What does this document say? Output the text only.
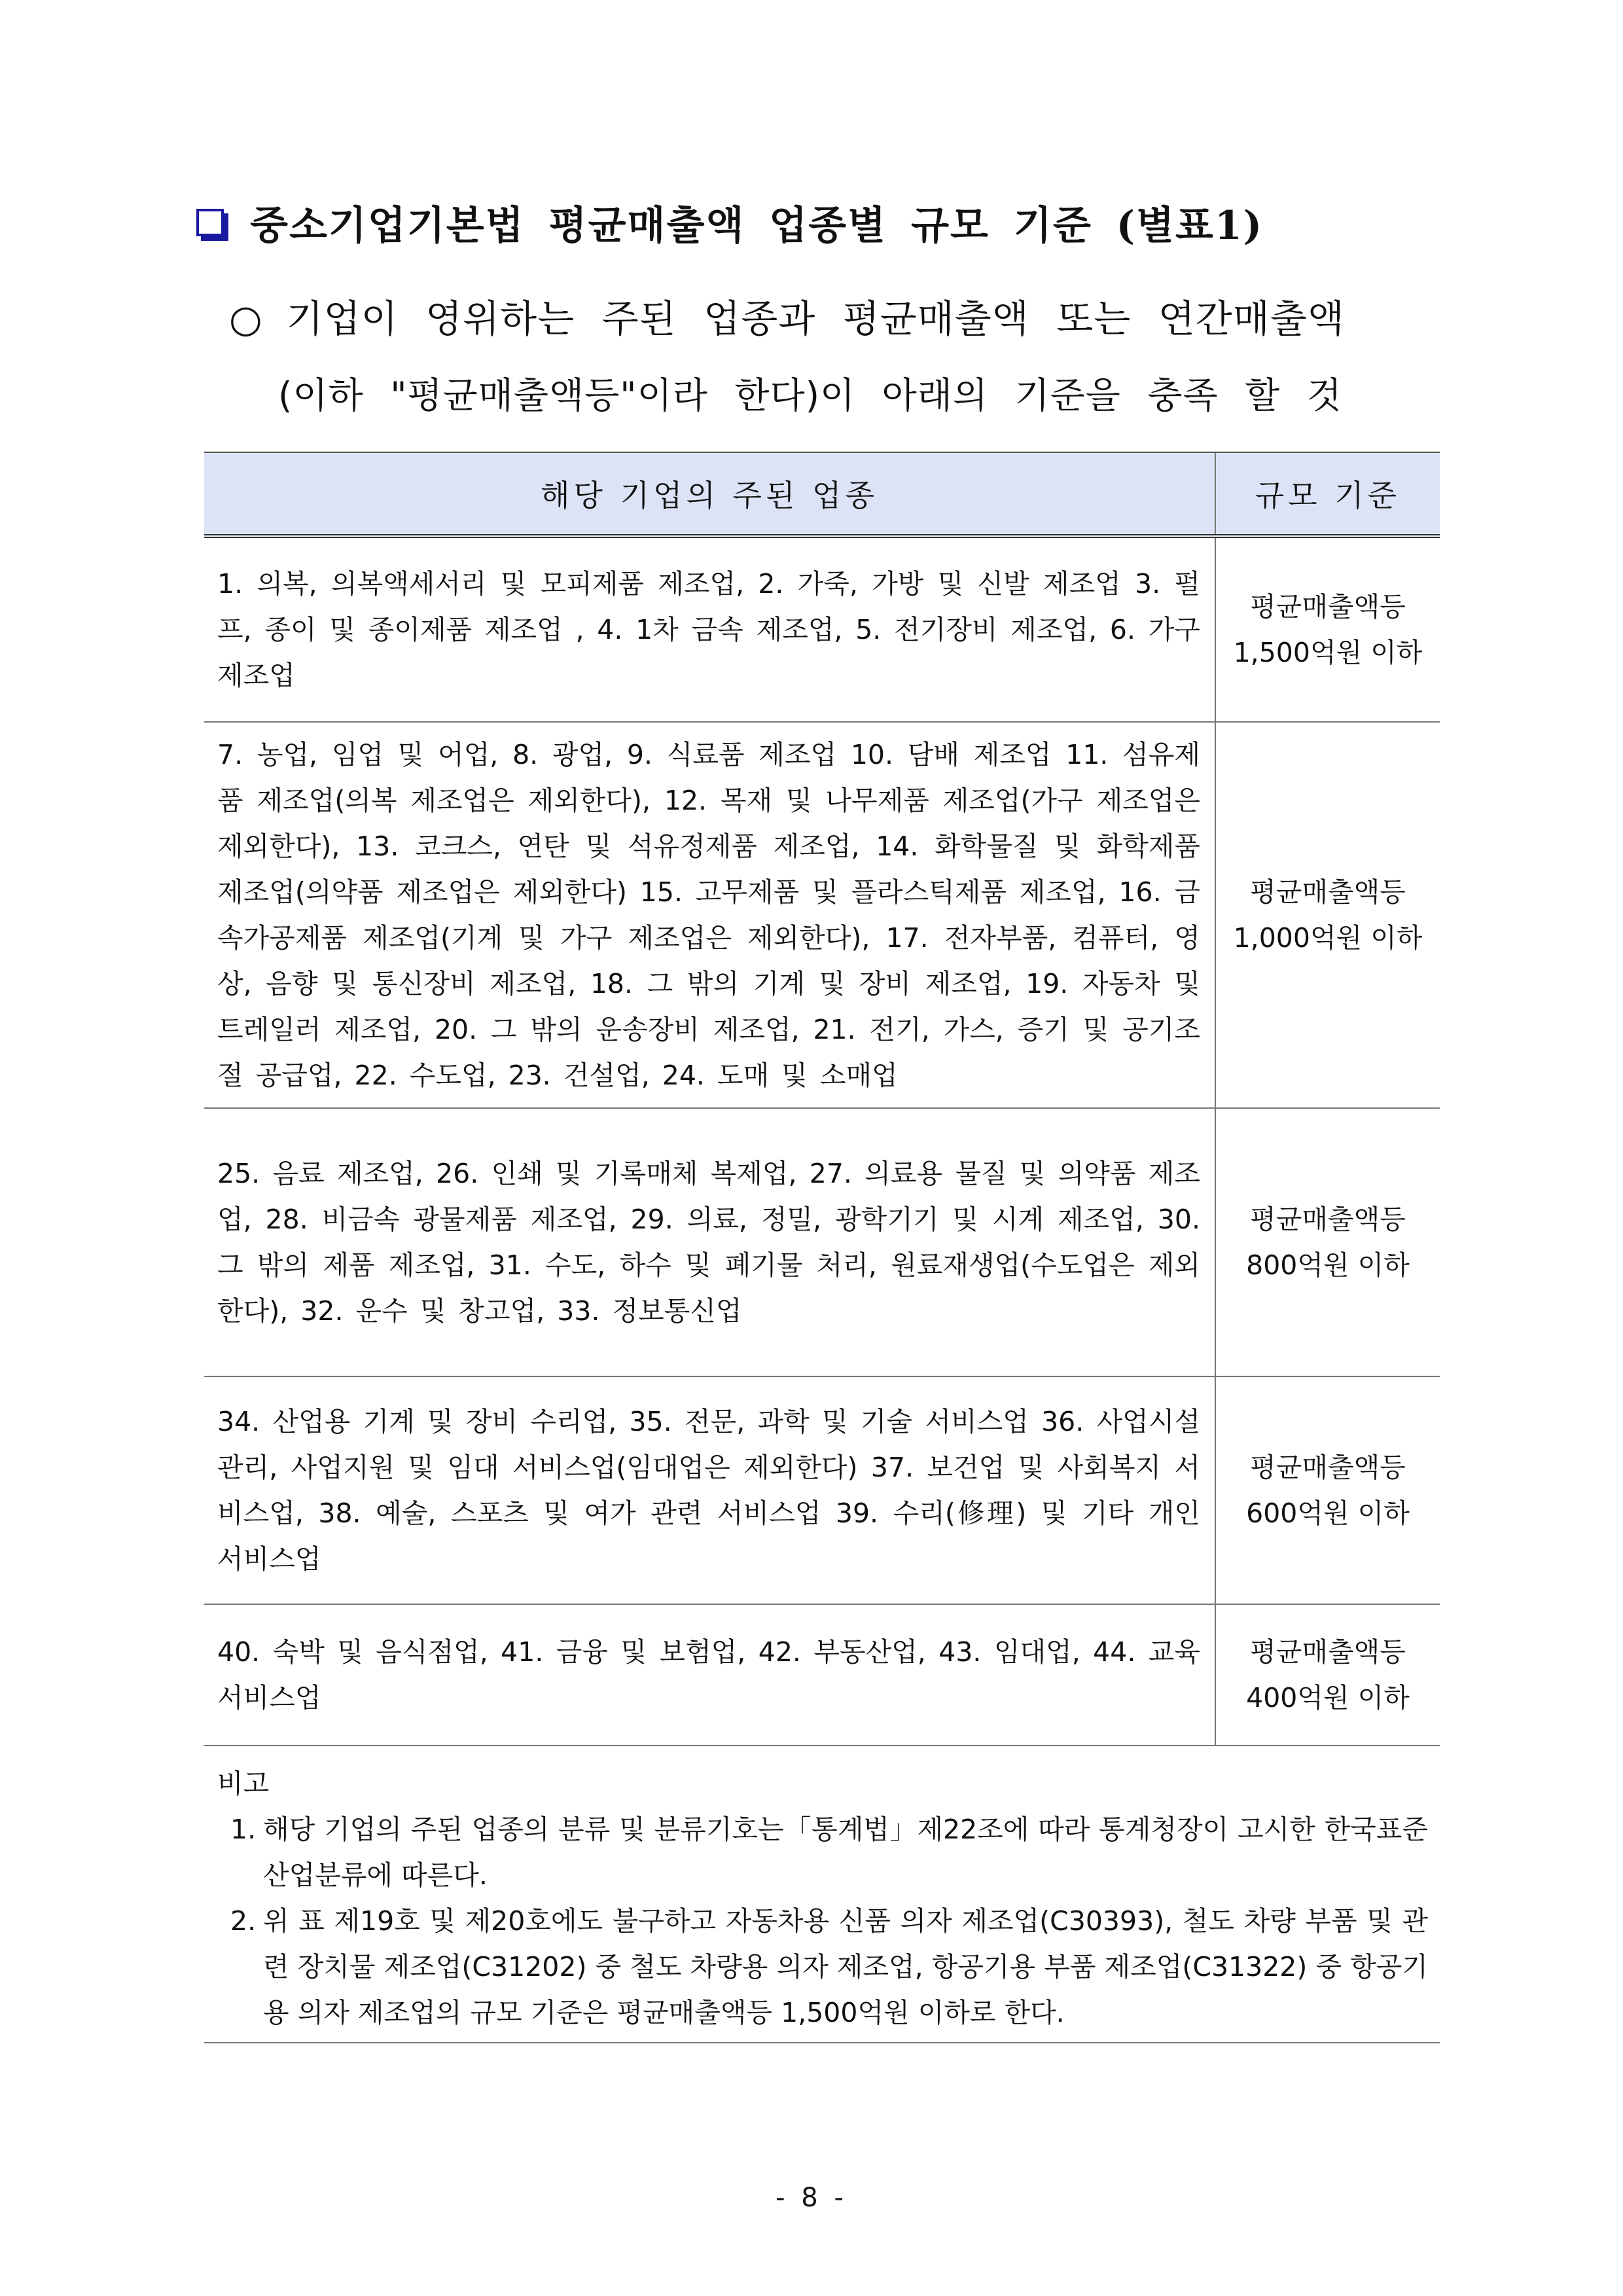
중소기업기본법 평균매출액 업종별 규모 기준 (별표1)
○ 기업이 영위하는 주된 업종과 평균매출액 또는 연간매출액
(이하 "평균매출액등"이라 한다)이 아래의 기준을 충족 할 것
해당 기업의 주된 업종	규모 기준
1. 의복, 의복액세서리 및 모피제품 제조업, 2. 가죽, 가방 및 신발 제조업 3. 펄프, 종이 및 종이제품 제조업 , 4. 1차 금속 제조업, 5. 전기장비 제조업, 6. 가구 제조업	평균매출액등
1,500억원 이하

7. 농업, 임업 및 어업, 8. 광업, 9. 식료품 제조업 10. 담배 제조업 11. 섬유제품 제조업(의복 제조업은 제외한다), 12. 목재 및 나무제품 제조업(가구 제조업은 제외한다), 13. 코크스, 연탄 및 석유정제품 제조업, 14. 화학물질 및 화학제품 제조업(의약품 제조업은 제외한다) 15. 고무제품 및 플라스틱제품 제조업, 16. 금속가공제품 제조업(기계 및 가구 제조업은 제외한다), 17. 전자부품, 컴퓨터, 영상, 음향 및 통신장비 제조업, 18. 그 밖의 기계 및 장비 제조업, 19. 자동차 및 트레일러 제조업, 20. 그 밖의 운송장비 제조업, 21. 전기, 가스, 증기 및 공기조절 공급업, 22. 수도업, 23. 건설업, 24. 도매 및 소매업	평균매출액등
1,000억원 이하

25. 음료 제조업, 26. 인쇄 및 기록매체 복제업, 27. 의료용 물질 및 의약품 제조업, 28. 비금속 광물제품 제조업, 29. 의료, 정밀, 광학기기 및 시계 제조업, 30. 그 밖의 제품 제조업, 31. 수도, 하수 및 폐기물 처리, 원료재생업(수도업은 제외한다), 32. 운수 및 창고업, 33. 정보통신업	평균매출액등
800억원 이하

34. 산업용 기계 및 장비 수리업, 35. 전문, 과학 및 기술 서비스업 36. 사업시설관리, 사업지원 및 임대 서비스업(임대업은 제외한다) 37. 보건업 및 사회복지 서비스업, 38. 예술, 스포츠 및 여가 관련 서비스업 39. 수리(修理) 및 기타 개인 서비스업	평균매출액등
600억원 이하

40. 숙박 및 음식점업, 41. 금융 및 보험업, 42. 부동산업, 43. 임대업, 44. 교육 서비스업	평균매출액등
400억원 이하
비고
1. 해당 기업의 주된 업종의 분류 및 분류기호는「통계법」제22조에 따라 통계청장이 고시한 한국표준산업분류에 따른다.
2. 위 표 제19호 및 제20호에도 불구하고 자동차용 신품 의자 제조업(C30393), 철도 차량 부품 및 관련 장치물 제조업(C31202) 중 철도 차량용 의자 제조업, 항공기용 부품 제조업(C31322) 중 항공기용 의자 제조업의 규모 기준은 평균매출액등 1,500억원 이하로 한다.
- 8 -
